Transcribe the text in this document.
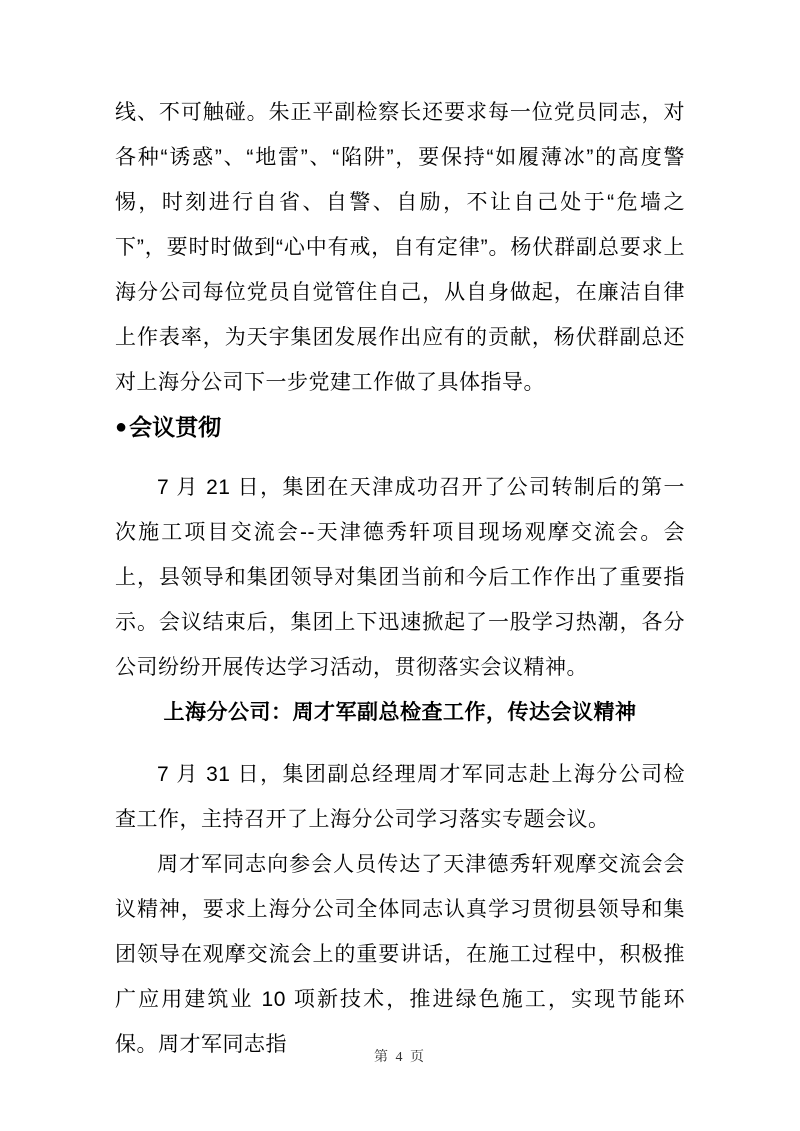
线、不可触碰。朱正平副检察长还要求每一位党员同志，对各种“诱惑”、“地雷”、“陷阱”，要保持“如履薄冰”的高度警惕，时刻进行自省、自警、自励，不让自己处于“危墙之下”，要时时做到“心中有戒，自有定律”。杨伏群副总要求上海分公司每位党员自觉管住自己，从自身做起，在廉洁自律上作表率，为天宇集团发展作出应有的贡献，杨伏群副总还对上海分公司下一步党建工作做了具体指导。

● 会议贯彻

7 月 21 日，集团在天津成功召开了公司转制后的第一次施工项目交流会--天津德秀轩项目现场观摩交流会。会上，县领导和集团领导对集团当前和今后工作作出了重要指示。会议结束后，集团上下迅速掀起了一股学习热潮，各分公司纷纷开展传达学习活动，贯彻落实会议精神。

上海分公司：周才军副总检查工作，传达会议精神

7 月 31 日，集团副总经理周才军同志赴上海分公司检查工作，主持召开了上海分公司学习落实专题会议。

周才军同志向参会人员传达了天津德秀轩观摩交流会会议精神，要求上海分公司全体同志认真学习贯彻县领导和集团领导在观摩交流会上的重要讲话，在施工过程中，积极推广应用建筑业 10 项新技术，推进绿色施工，实现节能环保。周才军同志指

第 4 页
